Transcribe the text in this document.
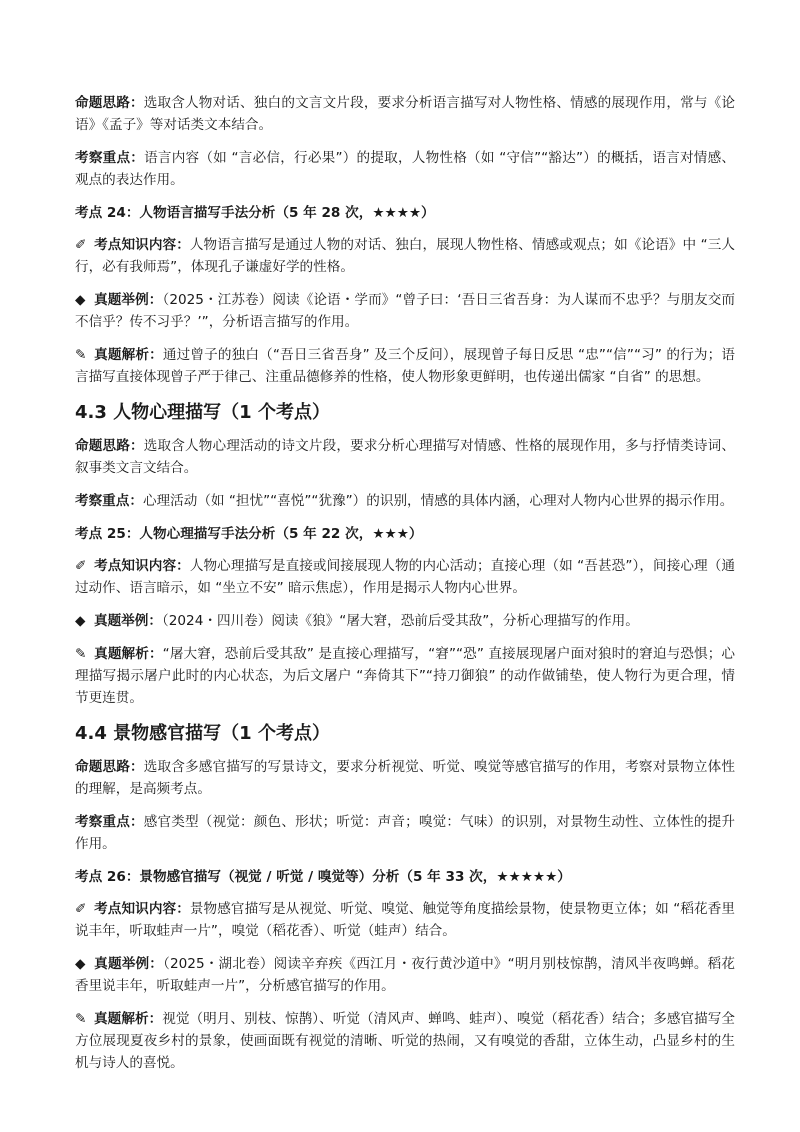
命题思路：选取含人物对话、独白的文言文片段，要求分析语言描写对人物性格、情感的展现作用，常与《论语》《孟子》等对话类文本结合。

考察重点：语言内容（如 “言必信，行必果”）的提取，人物性格（如 “守信”“豁达”）的概括，语言对情感、观点的表达作用。

考点 24：人物语言描写手法分析（5 年 28 次，★★★★）

✐ 考点知识内容：人物语言描写是通过人物的对话、独白，展现人物性格、情感或观点；如《论语》中 “三人行，必有我师焉”，体现孔子谦虚好学的性格。

◆ 真题举例：（2025・江苏卷）阅读《论语・学而》“曾子曰：‘吾日三省吾身：为人谋而不忠乎？与朋友交而不信乎？传不习乎？’”，分析语言描写的作用。

✎ 真题解析：通过曾子的独白（“吾日三省吾身” 及三个反问），展现曾子每日反思 “忠”“信”“习” 的行为；语言描写直接体现曾子严于律己、注重品德修养的性格，使人物形象更鲜明，也传递出儒家 “自省” 的思想。

4.3 人物心理描写（1 个考点）

命题思路：选取含人物心理活动的诗文片段，要求分析心理描写对情感、性格的展现作用，多与抒情类诗词、叙事类文言文结合。

考察重点：心理活动（如 “担忧”“喜悦”“犹豫”）的识别，情感的具体内涵，心理对人物内心世界的揭示作用。

考点 25：人物心理描写手法分析（5 年 22 次，★★★）

✐ 考点知识内容：人物心理描写是直接或间接展现人物的内心活动；直接心理（如 “吾甚恐”），间接心理（通过动作、语言暗示，如 “坐立不安” 暗示焦虑），作用是揭示人物内心世界。

◆ 真题举例：（2024・四川卷）阅读《狼》“屠大窘，恐前后受其敌”，分析心理描写的作用。

✎ 真题解析：“屠大窘，恐前后受其敌” 是直接心理描写，“窘”“恐” 直接展现屠户面对狼时的窘迫与恐惧；心理描写揭示屠户此时的内心状态，为后文屠户 “奔倚其下”“持刀御狼” 的动作做铺垫，使人物行为更合理，情节更连贯。

4.4 景物感官描写（1 个考点）

命题思路：选取含多感官描写的写景诗文，要求分析视觉、听觉、嗅觉等感官描写的作用，考察对景物立体性的理解，是高频考点。

考察重点：感官类型（视觉：颜色、形状；听觉：声音；嗅觉：气味）的识别，对景物生动性、立体性的提升作用。

考点 26：景物感官描写（视觉 / 听觉 / 嗅觉等）分析（5 年 33 次，★★★★★）

✐ 考点知识内容：景物感官描写是从视觉、听觉、嗅觉、触觉等角度描绘景物，使景物更立体；如 “稻花香里说丰年，听取蛙声一片”，嗅觉（稻花香）、听觉（蛙声）结合。

◆ 真题举例：（2025・湖北卷）阅读辛弃疾《西江月・夜行黄沙道中》“明月别枝惊鹊，清风半夜鸣蝉。稻花香里说丰年，听取蛙声一片”，分析感官描写的作用。

✎ 真题解析：视觉（明月、别枝、惊鹊）、听觉（清风声、蝉鸣、蛙声）、嗅觉（稻花香）结合；多感官描写全方位展现夏夜乡村的景象，使画面既有视觉的清晰、听觉的热闹，又有嗅觉的香甜，立体生动，凸显乡村的生机与诗人的喜悦。
